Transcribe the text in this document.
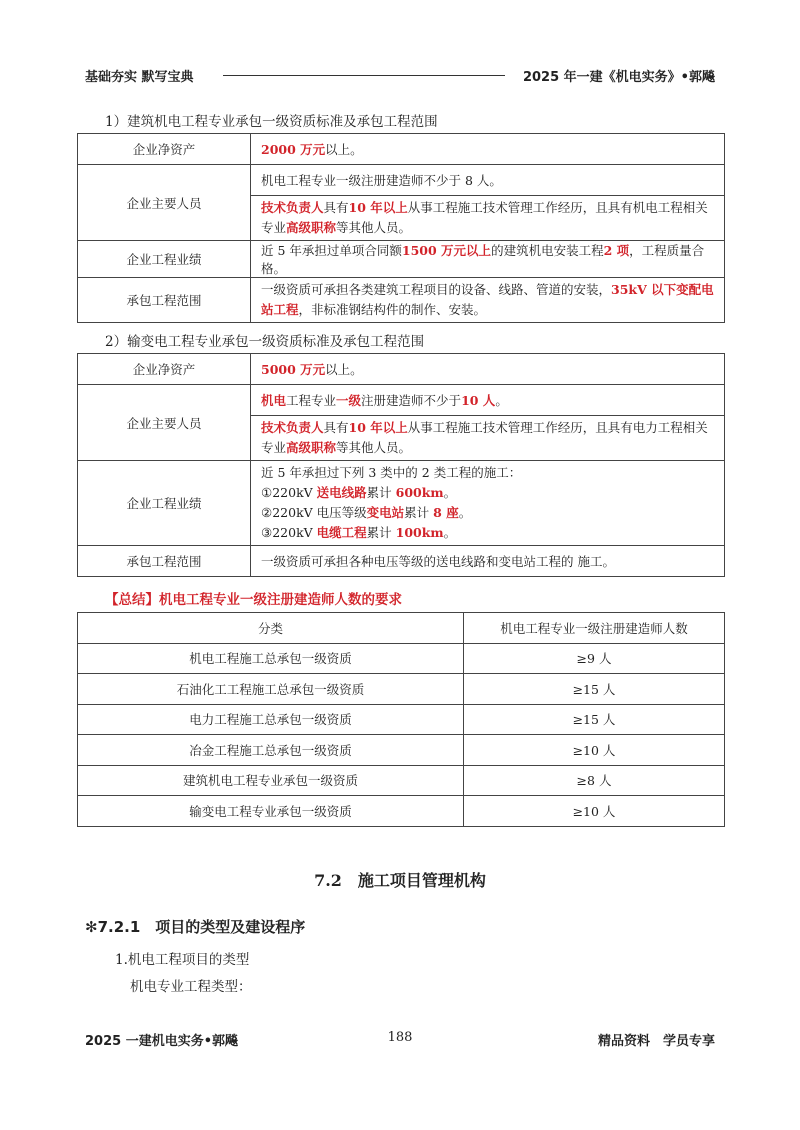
基础夯实 默写宝典	2025 年一建《机电实务》•郭飚
1）建筑机电工程专业承包一级资质标准及承包工程范围
企业净资产	2000 万元以上。
企业主要人员	机电工程专业一级注册建造师不少于 8 人。
	技术负责人具有10 年以上从事工程施工技术管理工作经历，且具有机电工程相关专业高级职称等其他人员。
企业工程业绩	近 5 年承担过单项合同额1500 万元以上的建筑机电安装工程2 项，工程质量合格。
承包工程范围	一级资质可承担各类建筑工程项目的设备、线路、管道的安装，35kV 以下变配电站工程，非标准钢结构件的制作、安装。
2）输变电工程专业承包一级资质标准及承包工程范围
企业净资产	5000 万元以上。
企业主要人员	机电工程专业一级注册建造师不少于10 人。
	技术负责人具有10 年以上从事工程施工技术管理工作经历，且具有电力工程相关专业高级职称等其他人员。
企业工程业绩	近 5 年承担过下列 3 类中的 2 类工程的施工：
①220kV 送电线路累计 600km。
②220kV 电压等级变电站累计 8 座。
③220kV 电缆工程累计 100km。

承包工程范围	一级资质可承担各种电压等级的送电线路和变电站工程的 施工。
【总结】机电工程专业一级注册建造师人数的要求
分类	机电工程专业一级注册建造师人数
机电工程施工总承包一级资质	≥9 人
石油化工工程施工总承包一级资质	≥15 人
电力工程施工总承包一级资质	≥15 人
冶金工程施工总承包一级资质	≥10 人
建筑机电工程专业承包一级资质	≥8 人
输变电工程专业承包一级资质	≥10 人
7.2　施工项目管理机构
✻7.2.1　项目的类型及建设程序
1.机电工程项目的类型
机电专业工程类型：
2025 一建机电实务•郭飚	188	精品资料　学员专享
